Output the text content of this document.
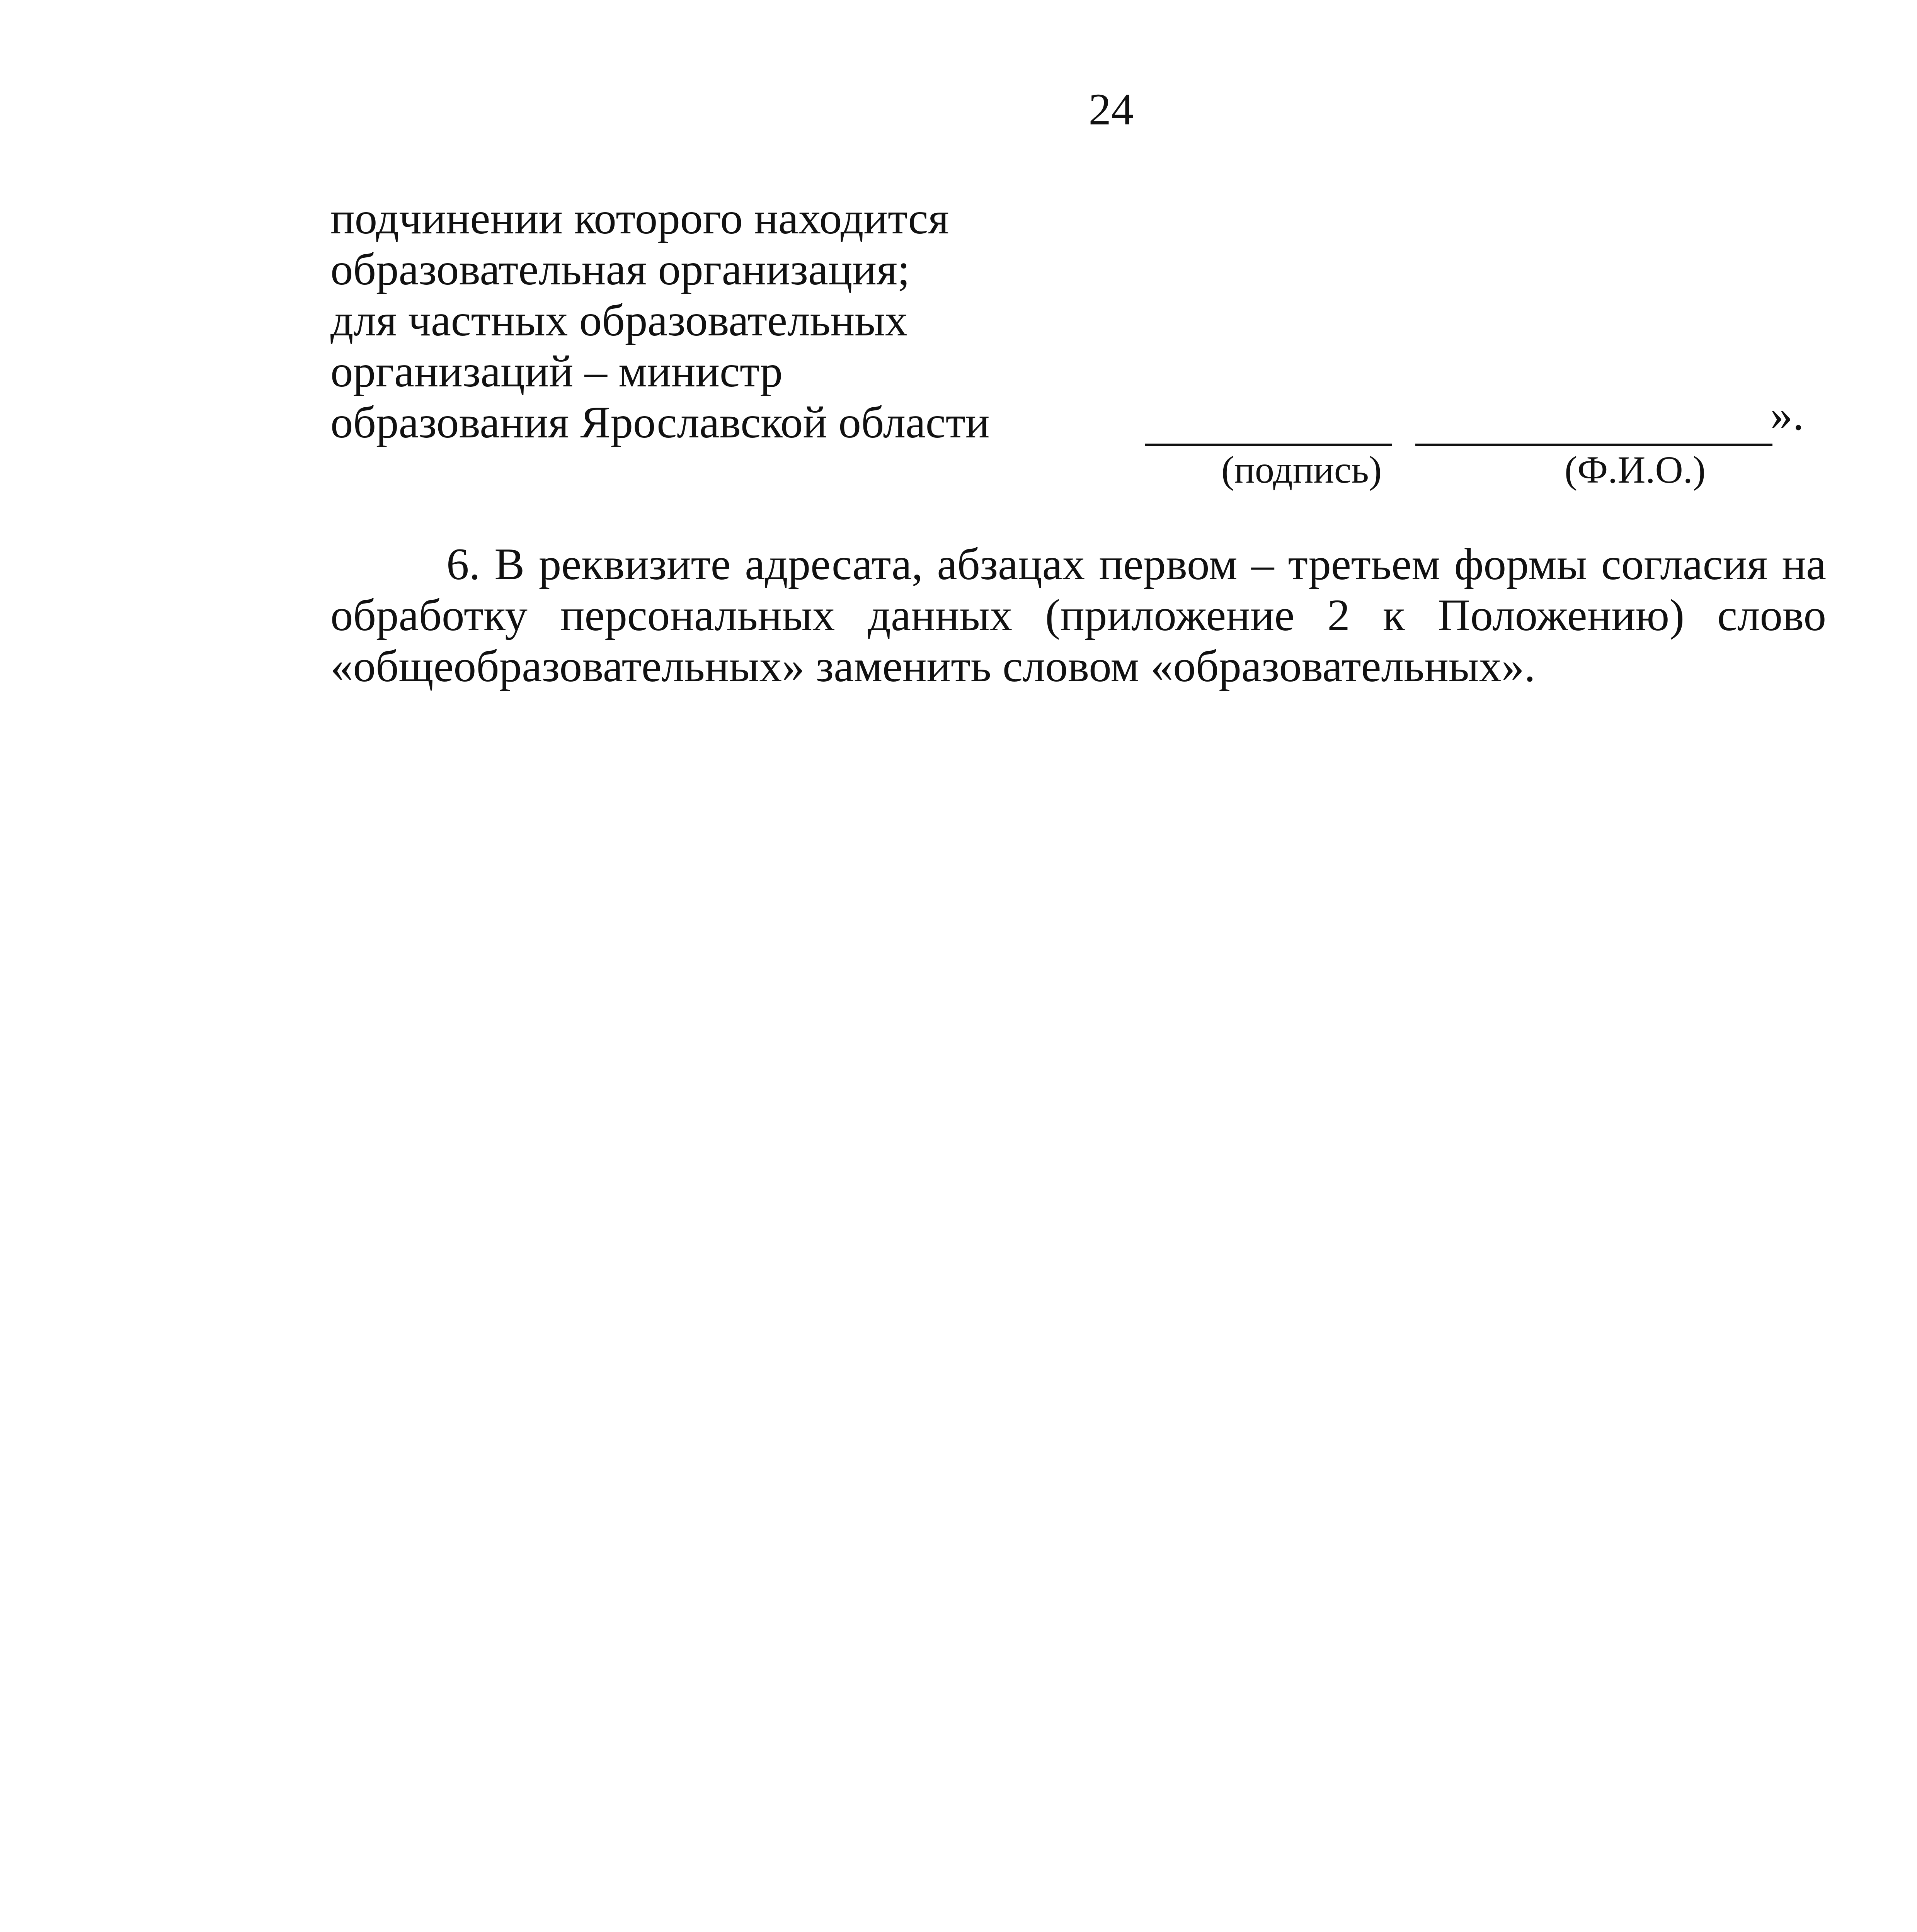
24
подчинении которого находится
образовательная организация;
для частных образовательных
организаций – министр
образования Ярославской области	».
(подпись)	(Ф.И.О.)
6. В реквизите адресата, абзацах первом – третьем формы согласия на
обработку персональных данных (приложение 2 к Положению) слово
«общеобразовательных» заменить словом «образовательных».
